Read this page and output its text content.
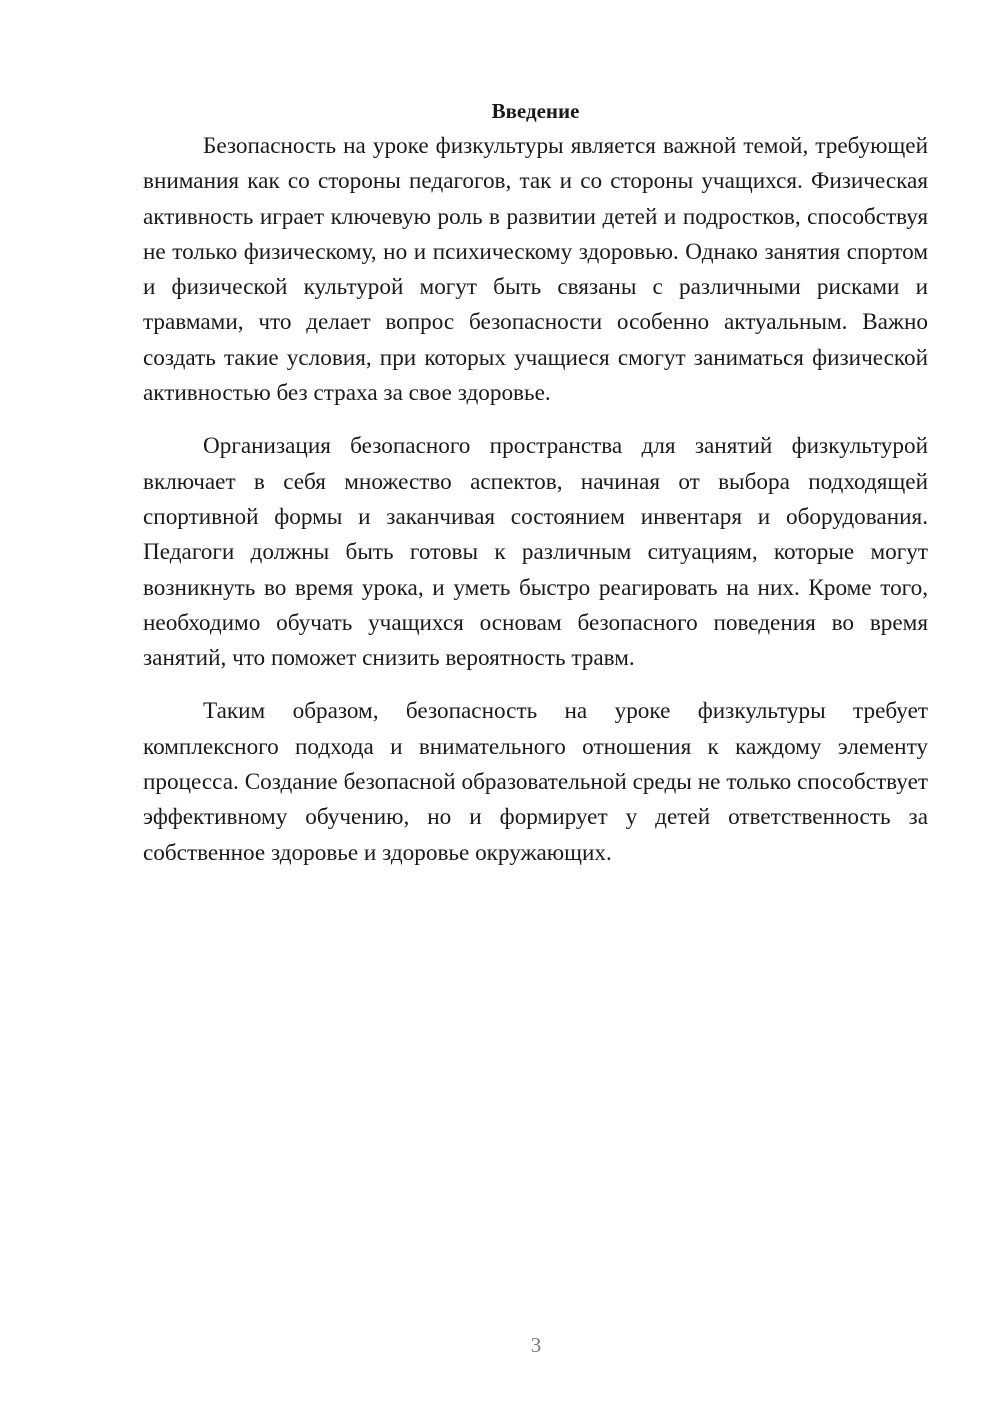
Введение

Безопасность на уроке физкультуры является важной темой, требующей внимания как со стороны педагогов, так и со стороны учащихся. Физическая активность играет ключевую роль в развитии детей и подростков, способствуя не только физическому, но и психическому здоровью. Однако занятия спортом и физической культурой могут быть связаны с различными рисками и травмами, что делает вопрос безопасности особенно актуальным. Важно создать такие условия, при которых учащиеся смогут заниматься физической активностью без страха за свое здоровье.

Организация безопасного пространства для занятий физкультурой включает в себя множество аспектов, начиная от выбора подходящей спортивной формы и заканчивая состоянием инвентаря и оборудования. Педагоги должны быть готовы к различным ситуациям, которые могут возникнуть во время урока, и уметь быстро реагировать на них. Кроме того, необходимо обучать учащихся основам безопасного поведения во время занятий, что поможет снизить вероятность травм.

Таким образом, безопасность на уроке физкультуры требует комплексного подхода и внимательного отношения к каждому элементу процесса. Создание безопасной образовательной среды не только способствует эффективному обучению, но и формирует у детей ответственность за собственное здоровье и здоровье окружающих.

3
